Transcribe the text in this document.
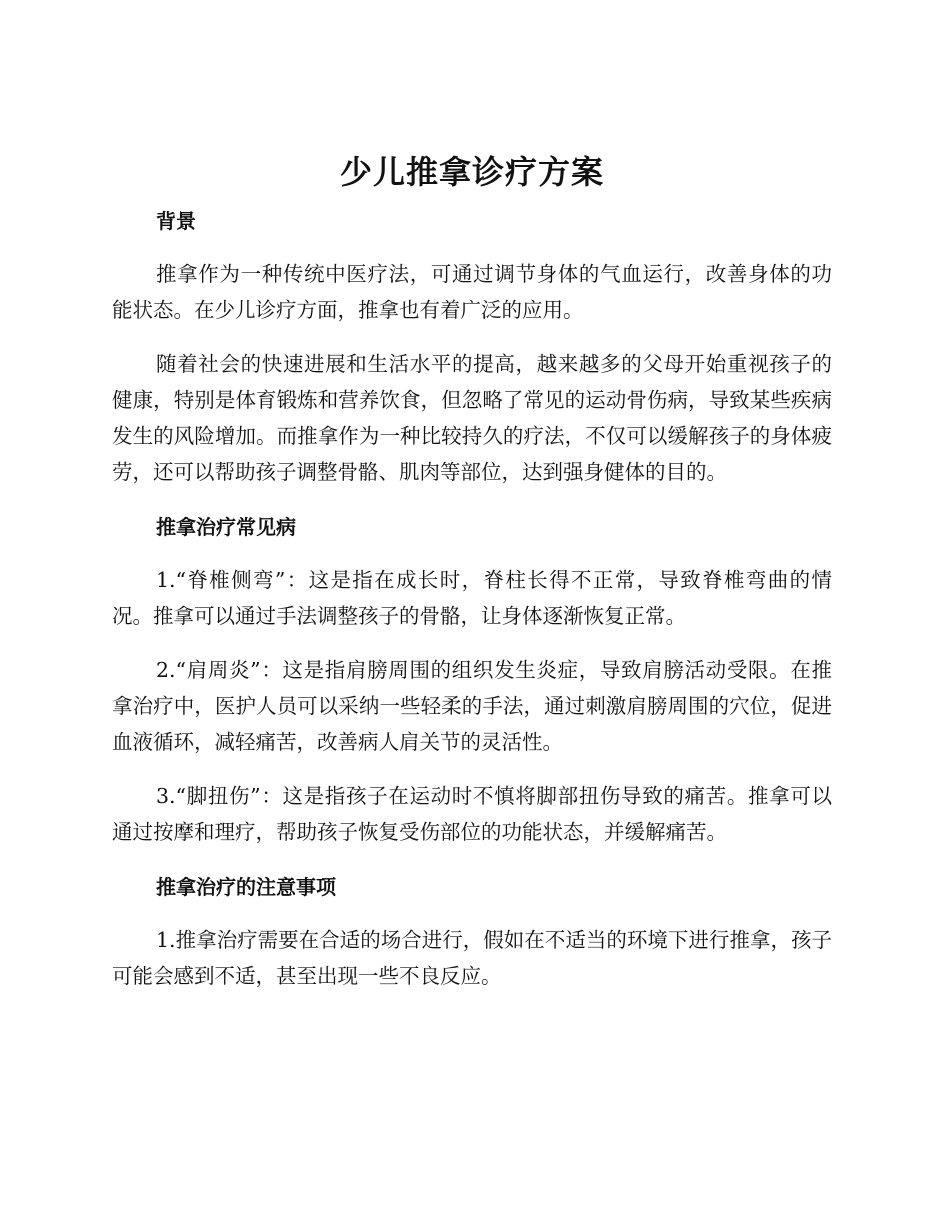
少儿推拿诊疗方案
背景

推拿作为一种传统中医疗法，可通过调节身体的气血运行，改善身体的功能状态。在少儿诊疗方面，推拿也有着广泛的应用。

随着社会的快速进展和生活水平的提高，越来越多的父母开始重视孩子的健康，特别是体育锻炼和营养饮食，但忽略了常见的运动骨伤病，导致某些疾病发生的风险增加。而推拿作为一种比较持久的疗法，不仅可以缓解孩子的身体疲劳，还可以帮助孩子调整骨骼、肌肉等部位，达到强身健体的目的。

推拿治疗常见病

1.“脊椎侧弯”：这是指在成长时，脊柱长得不正常，导致脊椎弯曲的情况。推拿可以通过手法调整孩子的骨骼，让身体逐渐恢复正常。

2.“肩周炎”：这是指肩膀周围的组织发生炎症，导致肩膀活动受限。在推拿治疗中，医护人员可以采纳一些轻柔的手法，通过刺激肩膀周围的穴位，促进血液循环，减轻痛苦，改善病人肩关节的灵活性。

3.“脚扭伤”：这是指孩子在运动时不慎将脚部扭伤导致的痛苦。推拿可以通过按摩和理疗，帮助孩子恢复受伤部位的功能状态，并缓解痛苦。

推拿治疗的注意事项

1.推拿治疗需要在合适的场合进行，假如在不适当的环境下进行推拿，孩子可能会感到不适，甚至出现一些不良反应。
